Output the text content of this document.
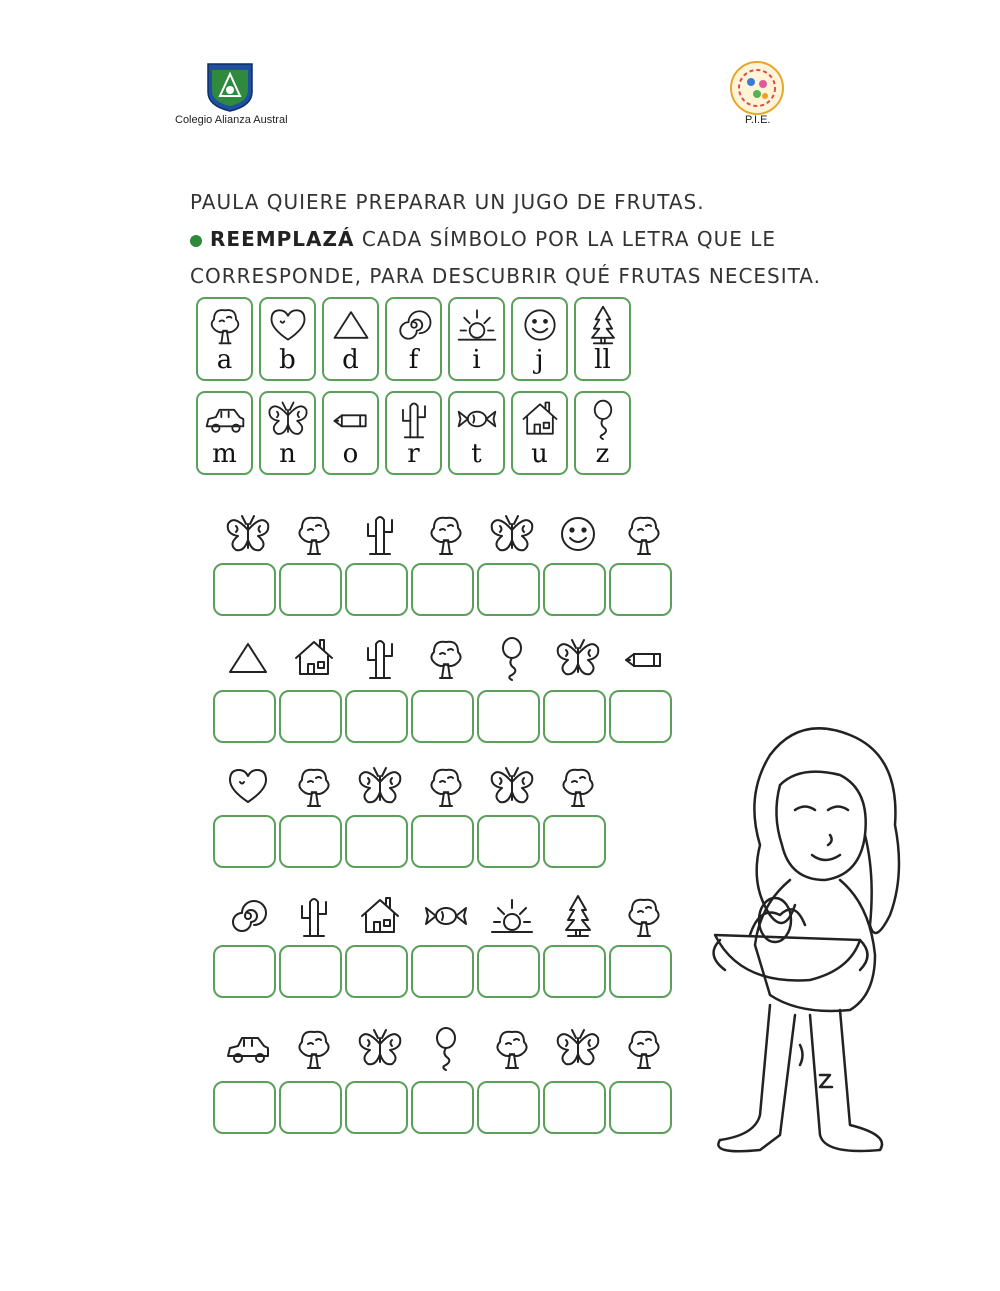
Colegio Alianza Austral	P.I.E.
PAULA QUIERE PREPARAR UN JUGO DE FRUTAS.
REEMPLAZÁ CADA SÍMBOLO POR LA LETRA QUE LE
CORRESPONDE, PARA DESCUBRIR QUÉ FRUTAS NECESITA.
a b d f i j ll
m n o r t u z
